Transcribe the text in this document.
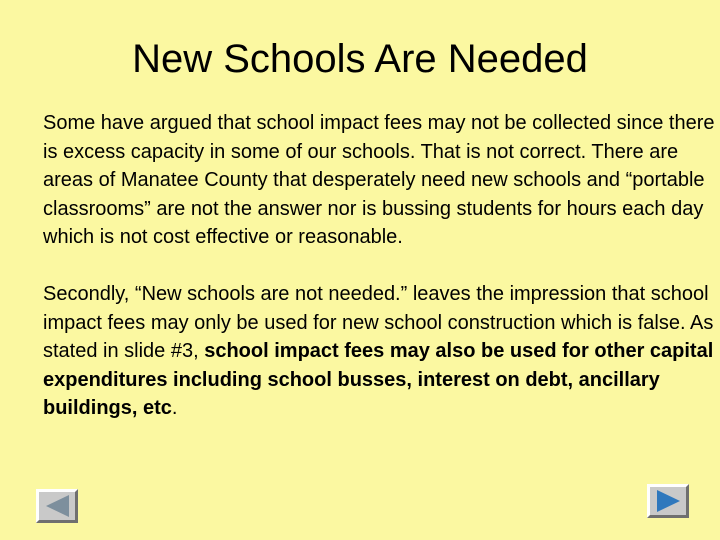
New Schools Are Needed

Some have argued that school impact fees may not be collected since there is excess capacity in some of our schools. That is not correct. There are areas of Manatee County that desperately need new schools and “portable classrooms” are not the answer nor is bussing students for hours each day which is not cost effective or reasonable.

Secondly, “New schools are not needed.” leaves the impression that school impact fees may only be used for new school construction which is false. As stated in slide #3, school impact fees may also be used for other capital expenditures including school busses, interest on debt, ancillary buildings, etc.
